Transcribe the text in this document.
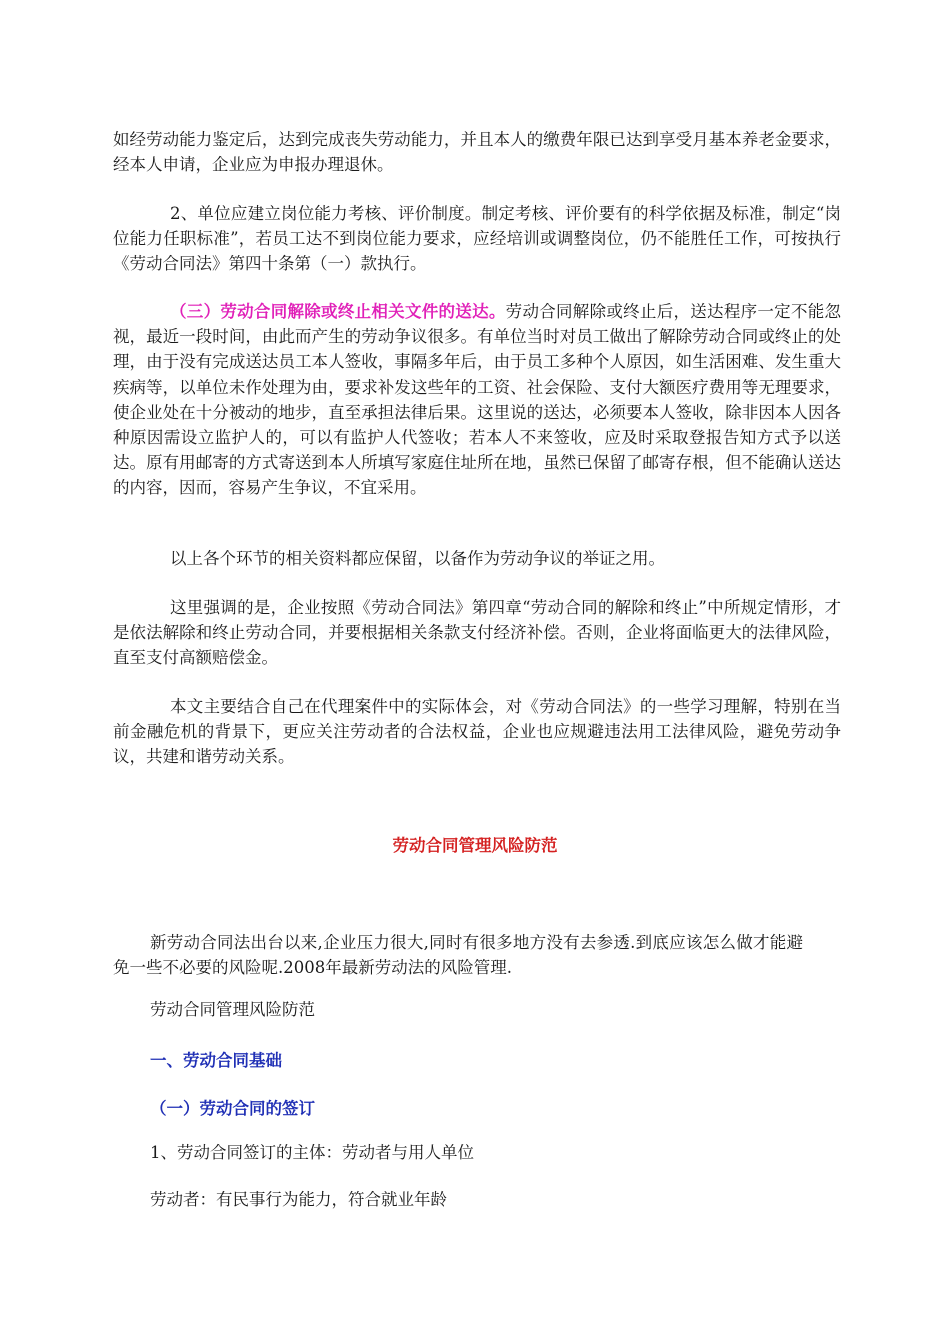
如经劳动能力鉴定后，达到完成丧失劳动能力，并且本人的缴费年限已达到享受月基本养老金要求，经本人申请，企业应为申报办理退休。

2、单位应建立岗位能力考核、评价制度。制定考核、评价要有的科学依据及标准，制定“岗位能力任职标准”，若员工达不到岗位能力要求，应经培训或调整岗位，仍不能胜任工作，可按执行《劳动合同法》第四十条第（一）款执行。

（三）劳动合同解除或终止相关文件的送达。劳动合同解除或终止后，送达程序一定不能忽视，最近一段时间，由此而产生的劳动争议很多。有单位当时对员工做出了解除劳动合同或终止的处理，由于没有完成送达员工本人签收，事隔多年后，由于员工多种个人原因，如生活困难、发生重大疾病等，以单位未作处理为由，要求补发这些年的工资、社会保险、支付大额医疗费用等无理要求，使企业处在十分被动的地步，直至承担法律后果。这里说的送达，必须要本人签收，除非因本人因各种原因需设立监护人的，可以有监护人代签收；若本人不来签收，应及时采取登报告知方式予以送达。原有用邮寄的方式寄送到本人所填写家庭住址所在地，虽然已保留了邮寄存根，但不能确认送达的内容，因而，容易产生争议，不宜采用。

以上各个环节的相关资料都应保留，以备作为劳动争议的举证之用。

这里强调的是，企业按照《劳动合同法》第四章“劳动合同的解除和终止”中所规定情形，才是依法解除和终止劳动合同，并要根据相关条款支付经济补偿。否则，企业将面临更大的法律风险，直至支付高额赔偿金。

本文主要结合自己在代理案件中的实际体会，对《劳动合同法》的一些学习理解，特别在当前金融危机的背景下，更应关注劳动者的合法权益，企业也应规避违法用工法律风险，避免劳动争议，共建和谐劳动关系。

劳动合同管理风险防范

新劳动合同法出台以来,企业压力很大,同时有很多地方没有去参透.到底应该怎么做才能避免一些不必要的风险呢.2008年最新劳动法的风险管理.

劳动合同管理风险防范

一、劳动合同基础

（一）劳动合同的签订

1、劳动合同签订的主体：劳动者与用人单位

劳动者：有民事行为能力，符合就业年龄
